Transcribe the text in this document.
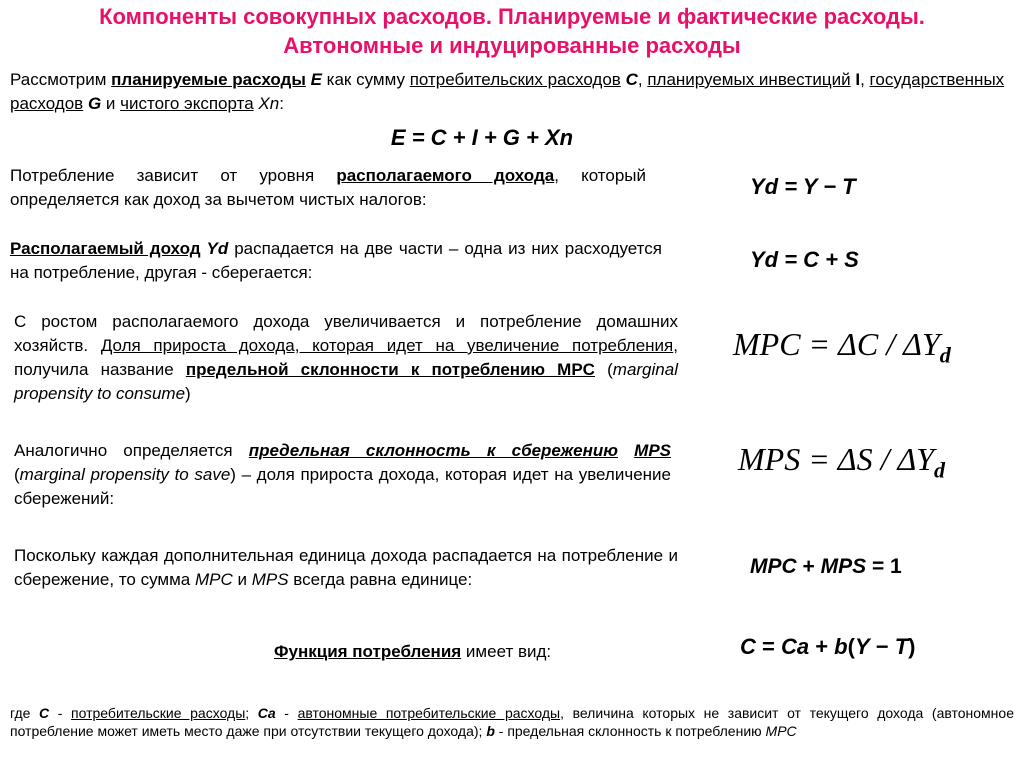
Компоненты совокупных расходов. Планируемые и фактические расходы.
Автономные и индуцированные расходы
Рассмотрим планируемые расходы E как сумму потребительских расходов C, планируемых инвестиций I, государственных расходов G и чистого экспорта Xn:
E = C + I + G + Xn
Потребление зависит от уровня располагаемого дохода, который определяется как доход за вычетом чистых налогов:
Yd = Y − T
Располагаемый доход Yd распадается на две части – одна из них расходуется на потребление, другая - сберегается:
Yd = C + S
С ростом располагаемого дохода увеличивается и потребление домашних хозяйств. Доля прироста дохода, которая идет на увеличение потребления, получила название предельной склонности к потреблению MPC (marginal propensity to consume)
MPC = ΔC / $\Delta Y_d$
Аналогично определяется предельная склонность к сбережению MPS (marginal propensity to save) – доля прироста дохода, которая идет на увеличение сбережений:
MPS = ΔS / $\Delta Y_d$
Поскольку каждая дополнительная единица дохода распадается на потребление и сбережение, то сумма MPC и MPS всегда равна единице:
MPC + MPS = 1
Функция потребления имеет вид:	C = Ca + b(Y − T)
где C - потребительские расходы; Ca - автономные потребительские расходы, величина которых не зависит от текущего дохода (автономное потребление может иметь место даже при отсутствии текущего дохода); b - предельная склонность к потреблению MPC
